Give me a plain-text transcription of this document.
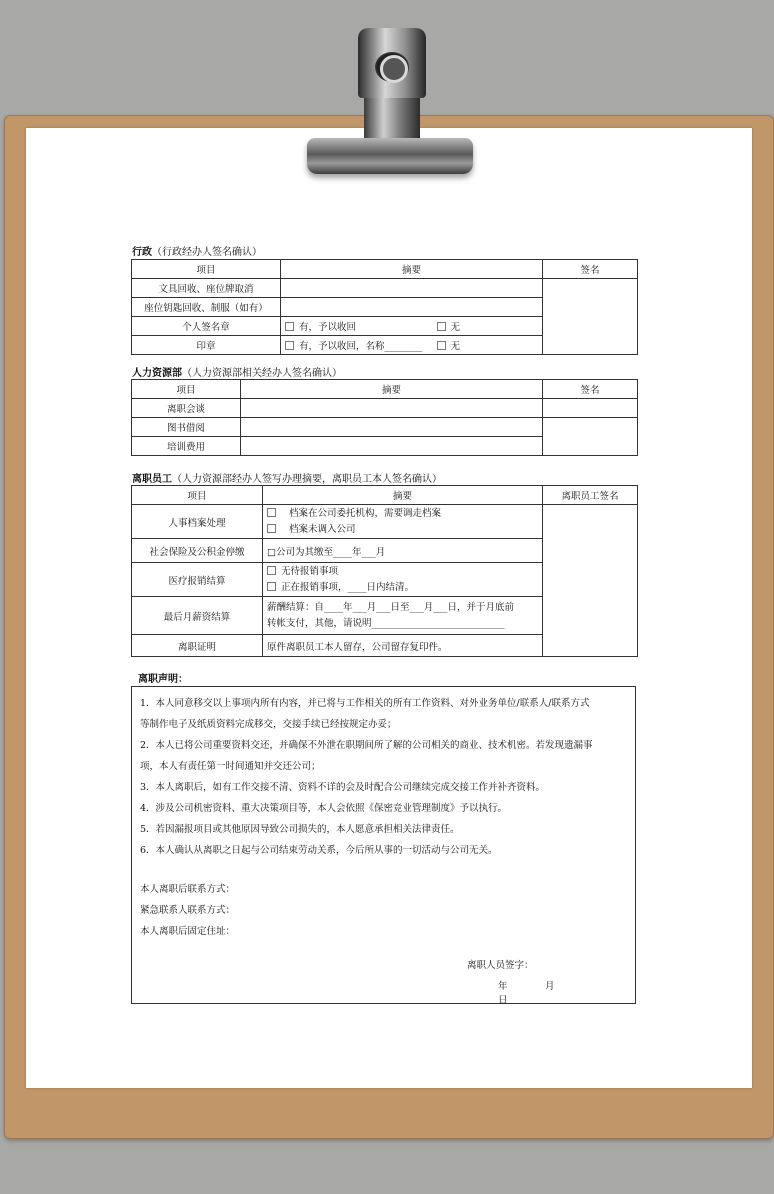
行政（行政经办人签名确认）
项目	摘要	签名
文具回收、座位牌取消		
座位钥匙回收、制服（如有）		
个人签名章	有，予以收回 无	

印章	有，予以收回，名称________ 无	
人力资源部（人力资源部相关经办人签名确认）
项目	摘要	签名
离职会谈		
图书借阅		
培训费用		
离职员工（人力资源部经办人签写办理摘要，离职员工本人签名确认）
项目	摘要	离职员工签名
人事档案处理	档案在公司委托机构，需要调走档案
档案未调入公司	

社会保险及公积金停缴	□公司为其缴至____年___月	
医疗报销结算	无待报销事项
正在报销事项，____日内结清。	

最后月薪资结算	薪酬结算：自____年___月___日至___月___日，并于月底前
转帐支付，其他，请说明____________________________	

离职证明	原件离职员工本人留存，公司留存复印件。	
离职声明：

1．本人同意移交以上事项内所有内容，并已将与工作相关的所有工作资料、对外业务单位/联系人/联系方式

等制作电子及纸质资料完成移交，交接手续已经按规定办妥；

2．本人已将公司重要资料交还，并确保不外泄在职期间所了解的公司相关的商业、技术机密。若发现遗漏事

项，本人有责任第一时间通知并交还公司；

3．本人离职后，如有工作交接不清、资料不详的会及时配合公司继续完成交接工作并补齐资料。

4．涉及公司机密资料、重大决策项目等，本人会依照《保密竞业管理制度》予以执行。

5．若因漏报项目或其他原因导致公司损失的，本人愿意承担相关法律责任。

6．本人确认从离职之日起与公司结束劳动关系，今后所从事的一切活动与公司无关。

本人离职后联系方式：

紧急联系人联系方式：

本人离职后固定住址：

离职人员签字：
年	月日
